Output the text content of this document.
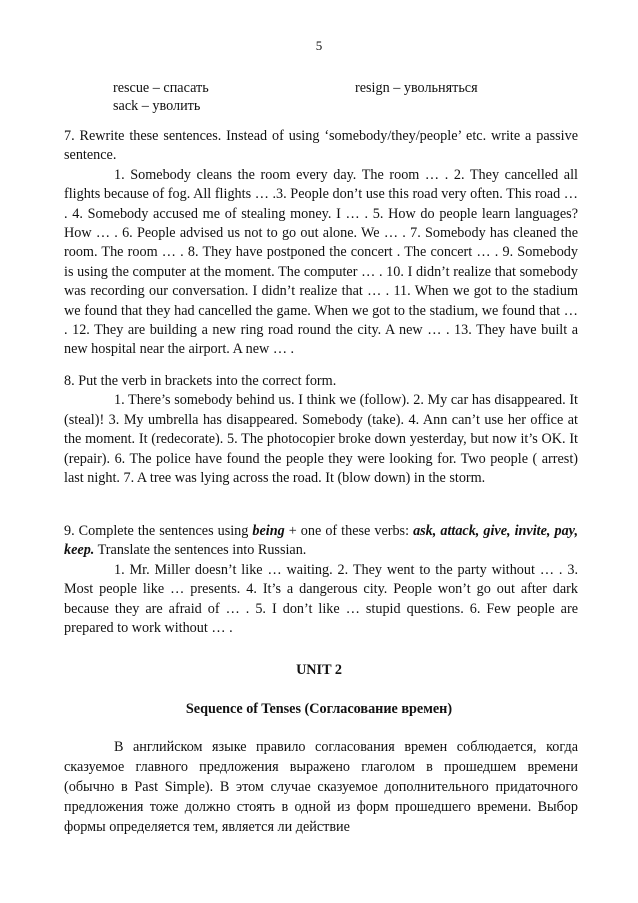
5
rescue – спасать	resign – увольняться
sack – уволить

7. Rewrite these sentences. Instead of using ‘somebody/they/people’ etc. write a passive sentence.

1. Somebody cleans the room every day. The room … . 2. They cancelled all flights because of fog. All flights … .3. People don’t use this road very often. This road … . 4. Somebody accused me of stealing money. I … . 5. How do people learn languages? How … . 6. People advised us not to go out alone. We … . 7. Somebody has cleaned the room. The room … . 8. They have postponed the concert . The concert … . 9. Somebody is using the computer at the moment. The computer … . 10. I didn’t realize that somebody was recording our conversation. I didn’t realize that … . 11. When we got to the stadium we found that they had cancelled the game. When we got to the stadium, we found that … . 12. They are building a new ring road round the city. A new … . 13. They have built a new hospital near the airport. A new … .

8. Put the verb in brackets into the correct form.

1. There’s somebody behind us. I think we (follow). 2. My car has disappeared. It (steal)! 3. My umbrella has disappeared. Somebody (take). 4. Ann can’t use her office at the moment. It (redecorate). 5. The photocopier broke down yesterday, but now it’s OK. It (repair). 6. The police have found the people they were looking for. Two people ( arrest) last night. 7. A tree was lying across the road. It (blow down) in the storm.

9. Complete the sentences using being + one of these verbs: ask, attack, give, invite, pay, keep. Translate the sentences into Russian.

1. Mr. Miller doesn’t like … waiting. 2. They went to the party without … . 3. Most people like … presents. 4. It’s a dangerous city. People won’t go out after dark because they are afraid of … . 5. I don’t like … stupid questions. 6. Few people are prepared to work without … .

UNIT 2
Sequence of Tenses (Согласование времен)

В английском языке правило согласования времен соблюдается, когда сказуемое главного предложения выражено глаголом в прошедшем времени (обычно в Past Simple). В этом случае сказуемое дополнительного придаточного предложения тоже должно стоять в одной из форм прошедшего времени. Выбор формы определяется тем, является ли действие
